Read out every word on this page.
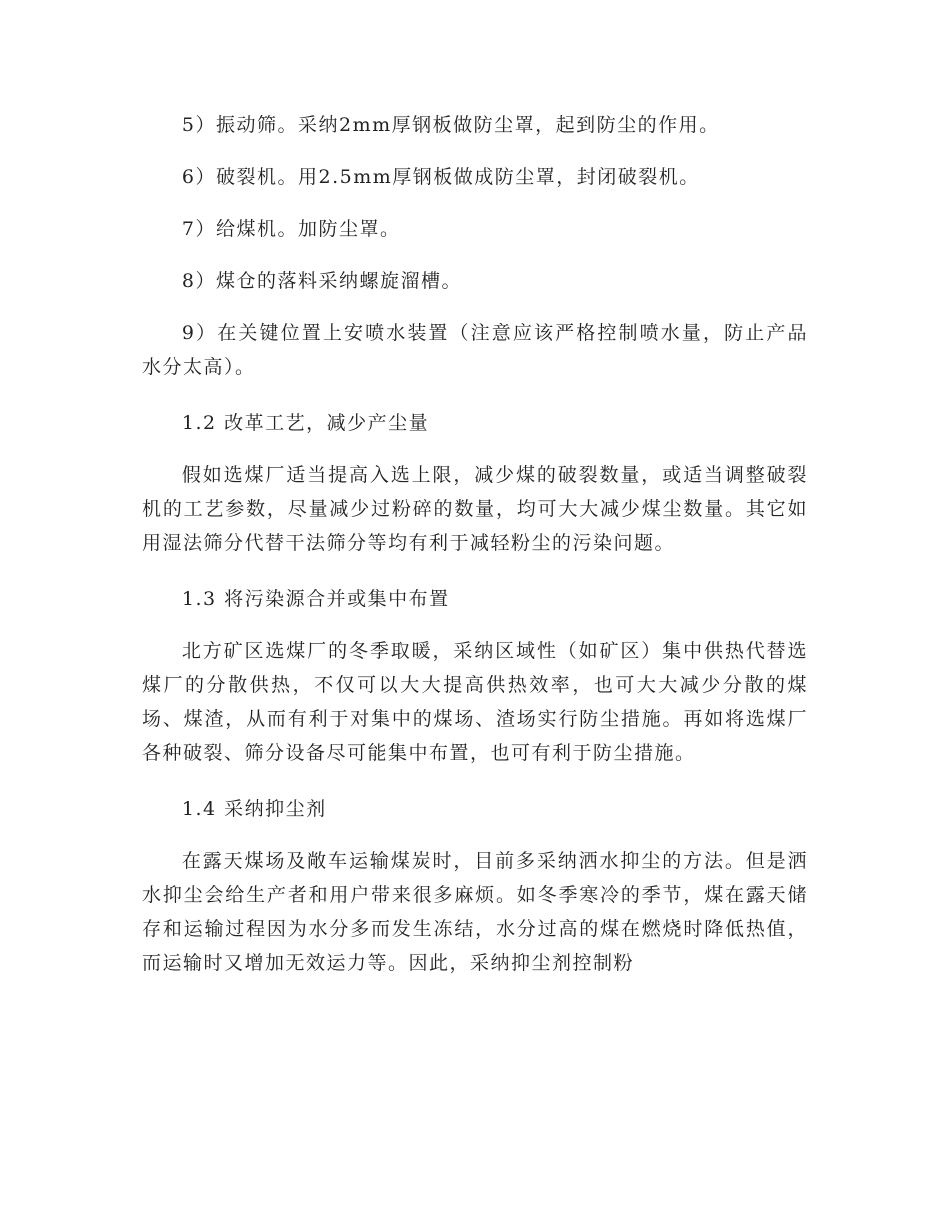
5）振动筛。采纳2mm厚钢板做防尘罩，起到防尘的作用。

6）破裂机。用2.5mm厚钢板做成防尘罩，封闭破裂机。

7）给煤机。加防尘罩。

8）煤仓的落料采纳螺旋溜槽。

9）在关键位置上安喷水装置（注意应该严格控制喷水量，防止产品水分太高）。

1.2 改革工艺，减少产尘量

假如选煤厂适当提高入选上限，减少煤的破裂数量，或适当调整破裂机的工艺参数，尽量减少过粉碎的数量，均可大大减少煤尘数量。其它如用湿法筛分代替干法筛分等均有利于减轻粉尘的污染问题。

1.3 将污染源合并或集中布置

北方矿区选煤厂的冬季取暖，采纳区域性（如矿区）集中供热代替选煤厂的分散供热，不仅可以大大提高供热效率，也可大大减少分散的煤场、煤渣，从而有利于对集中的煤场、渣场实行防尘措施。再如将选煤厂各种破裂、筛分设备尽可能集中布置，也可有利于防尘措施。

1.4 采纳抑尘剂

在露天煤场及敞车运输煤炭时，目前多采纳洒水抑尘的方法。但是洒水抑尘会给生产者和用户带来很多麻烦。如冬季寒冷的季节，煤在露天储存和运输过程因为水分多而发生冻结，水分过高的煤在燃烧时降低热值，而运输时又增加无效运力等。因此，采纳抑尘剂控制粉
